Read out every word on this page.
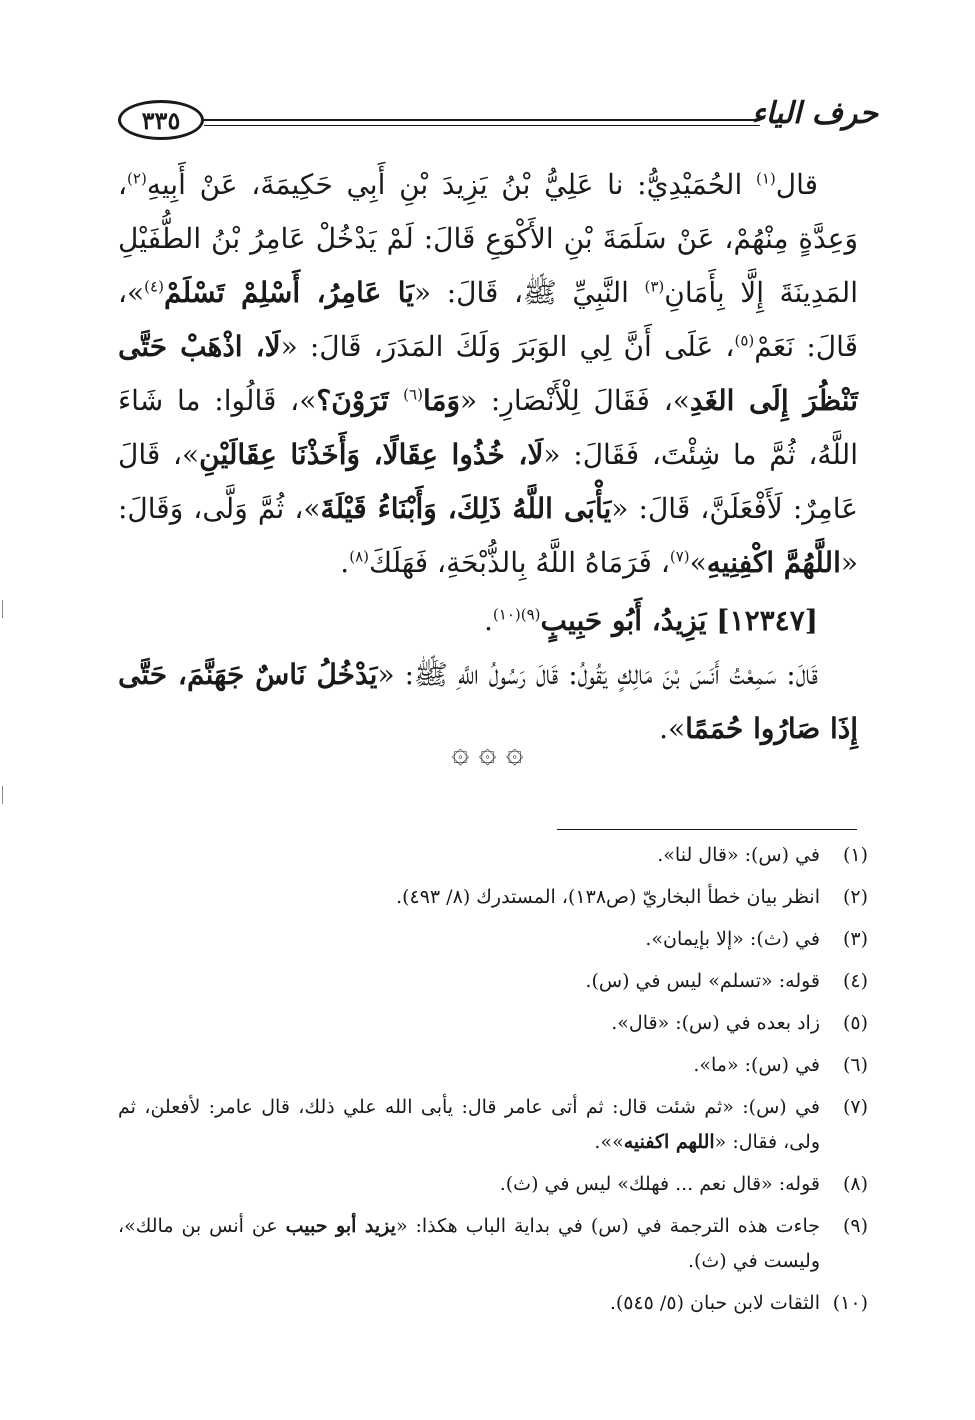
٣٣٥	حرف الياء

قال$^{(١)}$ الحُمَيْدِيُّ: نا عَلِيُّ بْنُ يَزِيدَ بْنِ أَبِي حَكِيمَةَ، عَنْ أَبِيهِ$^{(٢)}$، وَعِدَّةٍ مِنْهُمْ، عَنْ سَلَمَةَ بْنِ الأَكْوَعِ قَالَ: لَمْ يَدْخُلْ عَامِرُ بْنُ الطُّفَيْلِ المَدِينَةَ إِلَّا بِأَمَانِ$^{(٣)}$ النَّبِيِّ ﷺ، قَالَ: «يَا عَامِرُ، أَسْلِمْ تَسْلَمْ$^{(٤)}$»، قَالَ: نَعَمْ$^{(٥)}$، عَلَى أَنَّ لِي الوَبَرَ وَلَكَ المَدَرَ، قَالَ: «لَا، اذْهَبْ حَتَّى تَنْظُرَ إِلَى الغَدِ»، فَقَالَ لِلْأَنْصَارِ: «وَمَا$^{(٦)}$ تَرَوْنَ؟»، قَالُوا: ما شَاءَ اللَّهُ، ثُمَّ ما شِئْتَ، فَقَالَ: «لَا، خُذُوا عِقَالًا، وَأَخَذْنَا عِقَالَيْنِ»، قَالَ عَامِرٌ: لَأَفْعَلَنَّ، قَالَ: «يَأْبَى اللَّهُ ذَلِكَ، وَأَبْنَاءُ قَيْلَةَ»، ثُمَّ وَلَّى، وَقَالَ: «اللَّهُمَّ اكْفِنِيهِ»$^{(٧)}$، فَرَمَاهُ اللَّهُ بِالذُّبْحَةِ، فَهَلَكَ$^{(٨)}$.

[١٢٣٤٧] يَزِيدُ، أَبُو حَبِيبٍ$^{(٩)(١٠)}$.

قَالَ: سَمِعْتُ أَنَسَ بْنَ مَالِكٍ يَقُولُ: قَالَ رَسُولُ اللَّهِ ﷺ: «يَدْخُلُ نَاسٌ جَهَنَّمَ، حَتَّى إِذَا صَارُوا حُمَمًا».

۞ ۞ ۞
(١)
في (س): «قال لنا».
(٢)
انظر بيان خطأ البخاريّ (ص١٣٨)، المستدرك (٨/ ٤٩٣).
(٣)
في (ث): «إلا بإيمان».
(٤)
قوله: «تسلم» ليس في (س).
(٥)
زاد بعده في (س): «قال».
(٦)
في (س): «ما».
(٧)
في (س): «ثم شئت قال: ثم أتى عامر قال: يأبى الله علي ذلك، قال عامر: لأفعلن، ثم ولى، فقال: «اللهم اكفنيه»».
(٨)
قوله: «قال نعم ... فهلك» ليس في (ث).
(٩)
جاءت هذه الترجمة في (س) في بداية الباب هكذا: «يزيد أبو حبيب عن أنس بن مالك»، وليست في (ث).
(١٠)
الثقات لابن حبان (٥/ ٥٤٥).
